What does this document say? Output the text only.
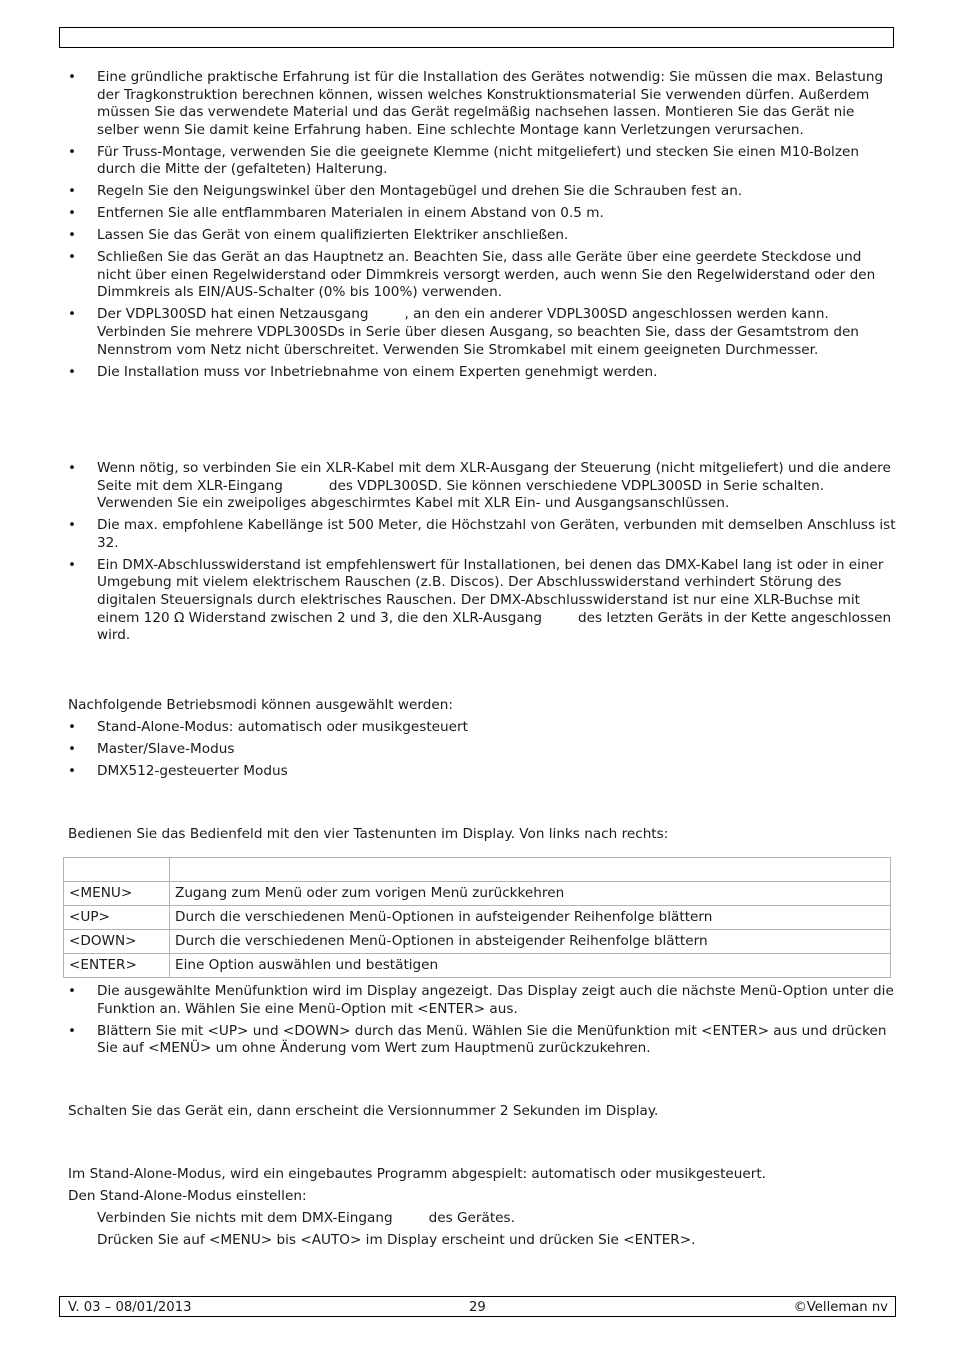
• Eine gründliche praktische Erfahrung ist für die Installation des Gerätes notwendig: Sie müssen die max. Belastung der Tragkonstruktion berechnen können, wissen welches Konstruktionsmaterial Sie verwenden dürfen. Außerdem müssen Sie das verwendete Material und das Gerät regelmäßig nachsehen lassen. Montieren Sie das Gerät nie selber wenn Sie damit keine Erfahrung haben. Eine schlechte Montage kann Verletzungen verursachen.
• Für Truss-Montage, verwenden Sie die geeignete Klemme (nicht mitgeliefert) und stecken Sie einen M10-Bolzen durch die Mitte der (gefalteten) Halterung.
• Regeln Sie den Neigungswinkel über den Montagebügel und drehen Sie die Schrauben fest an.
• Entfernen Sie alle entflammbaren Materialen in einem Abstand von 0.5 m.
• Lassen Sie das Gerät von einem qualifizierten Elektriker anschließen.
• Schließen Sie das Gerät an das Hauptnetz an. Beachten Sie, dass alle Geräte über eine geerdete Steckdose und nicht über einen Regelwiderstand oder Dimmkreis versorgt werden, auch wenn Sie den Regelwiderstand oder den Dimmkreis als EIN/AUS-Schalter (0% bis 100%) verwenden.
• Der VDPL300SD hat einen Netzausgang	, an den ein anderer VDPL300SD angeschlossen werden kann. Verbinden Sie mehrere VDPL300SDs in Serie über diesen Ausgang, so beachten Sie, dass der Gesamtstrom den Nennstrom vom Netz nicht überschreitet. Verwenden Sie Stromkabel mit einem geeigneten Durchmesser.
• Die Installation muss vor Inbetriebnahme von einem Experten genehmigt werden.
• Wenn nötig, so verbinden Sie ein XLR-Kabel mit dem XLR-Ausgang der Steuerung (nicht mitgeliefert) und die andere Seite mit dem XLR-Eingang	des VDPL300SD. Sie können verschiedene VDPL300SD in Serie schalten. Verwenden Sie ein zweipoliges abgeschirmtes Kabel mit XLR Ein- und Ausgangsanschlüssen.
• Die max. empfohlene Kabellänge ist 500 Meter, die Höchstzahl von Geräten, verbunden mit demselben Anschluss ist 32.
• Ein DMX-Abschlusswiderstand ist empfehlenswert für Installationen, bei denen das DMX-Kabel lang ist oder in einer Umgebung mit vielem elektrischem Rauschen (z.B. Discos). Der Abschlusswiderstand verhindert Störung des digitalen Steuersignals durch elektrisches Rauschen. Der DMX-Abschlusswiderstand ist nur eine XLR-Buchse mit einem 120 Ω Widerstand zwischen 2 und 3, die den XLR-Ausgang	des letzten Geräts in der Kette angeschlossen wird.
Nachfolgende Betriebsmodi können ausgewählt werden:
• Stand-Alone-Modus: automatisch oder musikgesteuert
• Master/Slave-Modus
• DMX512-gesteuerter Modus
Bedienen Sie das Bedienfeld mit den vier Tastenunten im Display. Von links nach rechts:

<MENU>	Zugang zum Menü oder zum vorigen Menü zurückkehren
<UP>	Durch die verschiedenen Menü-Optionen in aufsteigender Reihenfolge blättern
<DOWN>	Durch die verschiedenen Menü-Optionen in absteigender Reihenfolge blättern
<ENTER>	Eine Option auswählen und bestätigen
• Die ausgewählte Menüfunktion wird im Display angezeigt. Das Display zeigt auch die nächste Menü-Option unter die Funktion an. Wählen Sie eine Menü-Option mit <ENTER> aus.
• Blättern Sie mit <UP> und <DOWN> durch das Menü. Wählen Sie die Menüfunktion mit <ENTER> aus und drücken Sie auf <MENÜ> um ohne Änderung vom Wert zum Hauptmenü zurückzukehren.
Schalten Sie das Gerät ein, dann erscheint die Versionnummer 2 Sekunden im Display.
Im Stand-Alone-Modus, wird ein eingebautes Programm abgespielt: automatisch oder musikgesteuert.
Den Stand-Alone-Modus einstellen:
Verbinden Sie nichts mit dem DMX-Eingang	des Gerätes.
Drücken Sie auf <MENU> bis <AUTO> im Display erscheint und drücken Sie <ENTER>.
V. 03 – 08/01/2013	29	©Velleman nv
